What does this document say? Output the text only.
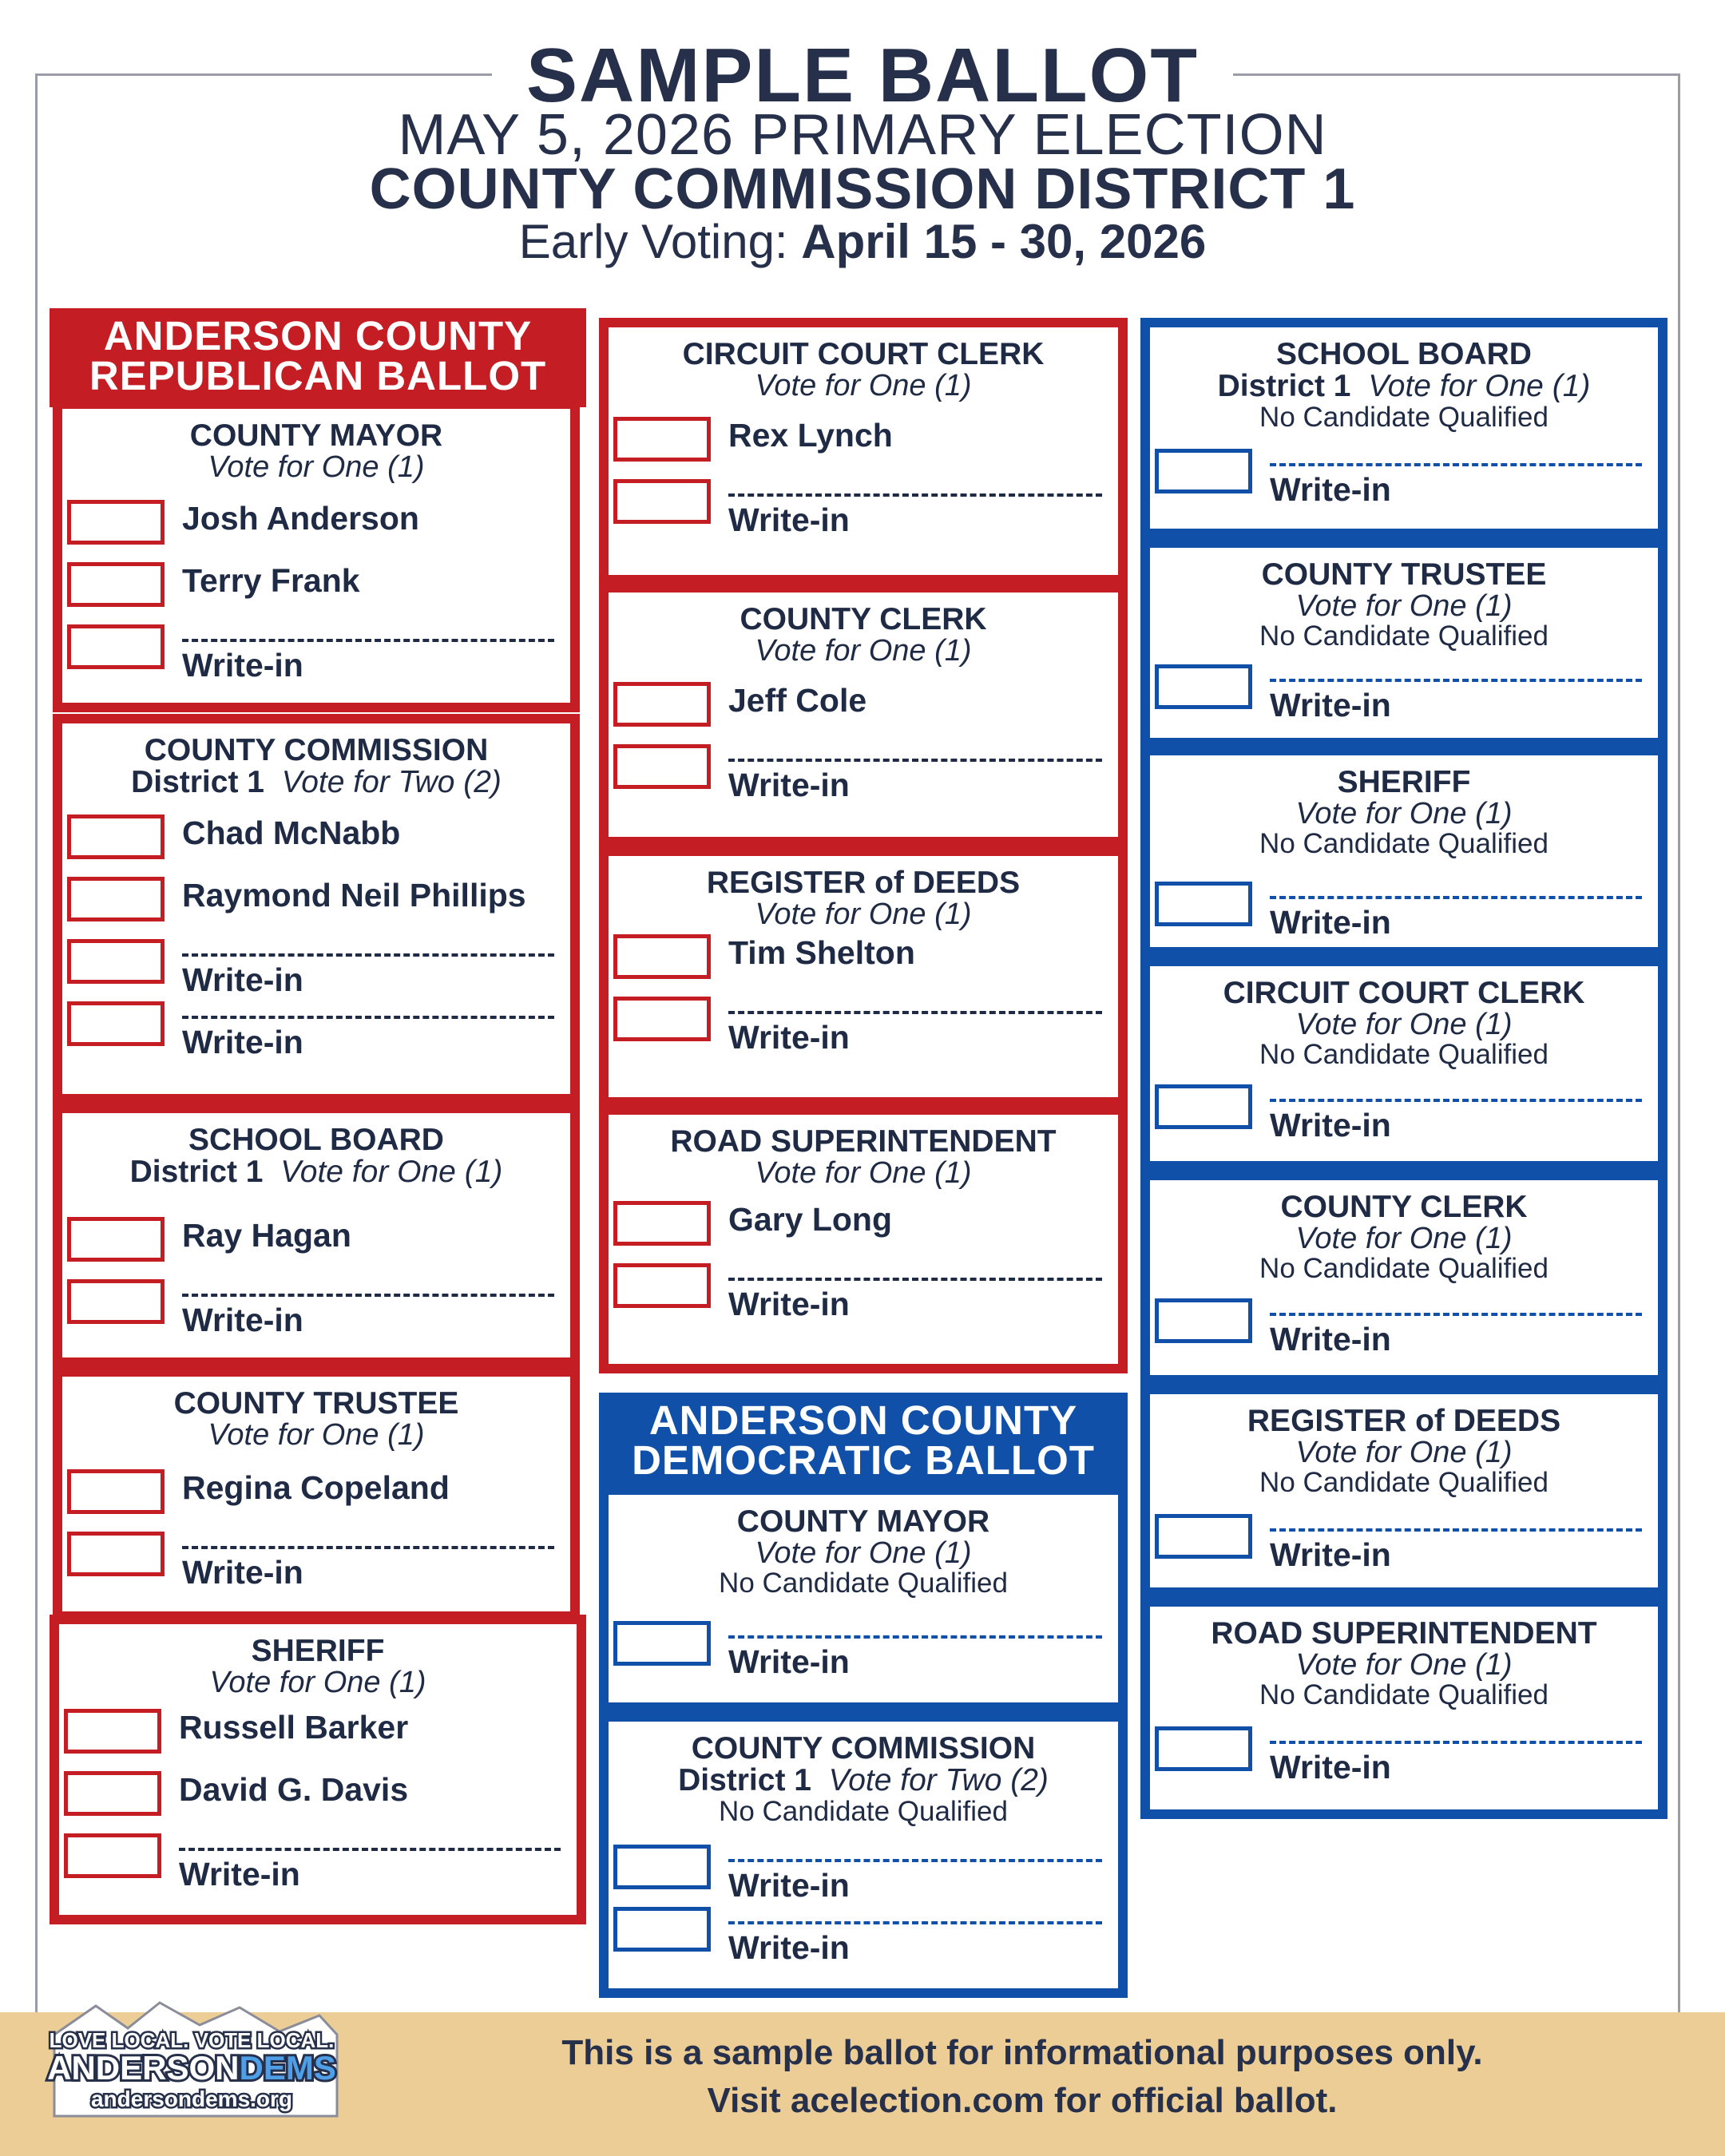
SAMPLE BALLOT
MAY 5, 2026 PRIMARY ELECTION
COUNTY COMMISSION DISTRICT 1
Early Voting: April 15 - 30, 2026
ANDERSON COUNTY
REPUBLICAN BALLOT
COUNTY MAYOR
Vote for One (1)
Josh Anderson
Terry Frank
Write-in
COUNTY COMMISSION
District 1 Vote for Two (2)
Chad McNabb
Raymond Neil Phillips
Write-in
Write-in
SCHOOL BOARD
District 1 Vote for One (1)
Ray Hagan
Write-in
COUNTY TRUSTEE
Vote for One (1)
Regina Copeland
Write-in
SHERIFF
Vote for One (1)
Russell Barker
David G. Davis
Write-in
CIRCUIT COURT CLERK
Vote for One (1)
Rex Lynch
Write-in
COUNTY CLERK
Vote for One (1)
Jeff Cole
Write-in
REGISTER of DEEDS
Vote for One (1)
Tim Shelton
Write-in
ROAD SUPERINTENDENT
Vote for One (1)
Gary Long
Write-in
ANDERSON COUNTY
DEMOCRATIC BALLOT
COUNTY MAYOR
Vote for One (1)
No Candidate Qualified
Write-in
COUNTY COMMISSION
District 1 Vote for Two (2)
No Candidate Qualified
Write-in
Write-in
SCHOOL BOARD
District 1 Vote for One (1)
No Candidate Qualified
Write-in
COUNTY TRUSTEE
Vote for One (1)
No Candidate Qualified
Write-in
SHERIFF
Vote for One (1)
No Candidate Qualified
Write-in
CIRCUIT COURT CLERK
Vote for One (1)
No Candidate Qualified
Write-in
COUNTY CLERK
Vote for One (1)
No Candidate Qualified
Write-in
REGISTER of DEEDS
Vote for One (1)
No Candidate Qualified
Write-in
ROAD SUPERINTENDENT
Vote for One (1)
No Candidate Qualified
Write-in
This is a sample ballot for informational purposes only.
Visit acelection.com for official ballot.
LOVE LOCAL. VOTE LOCAL.
ANDERSONDEMS
andersondems.org
